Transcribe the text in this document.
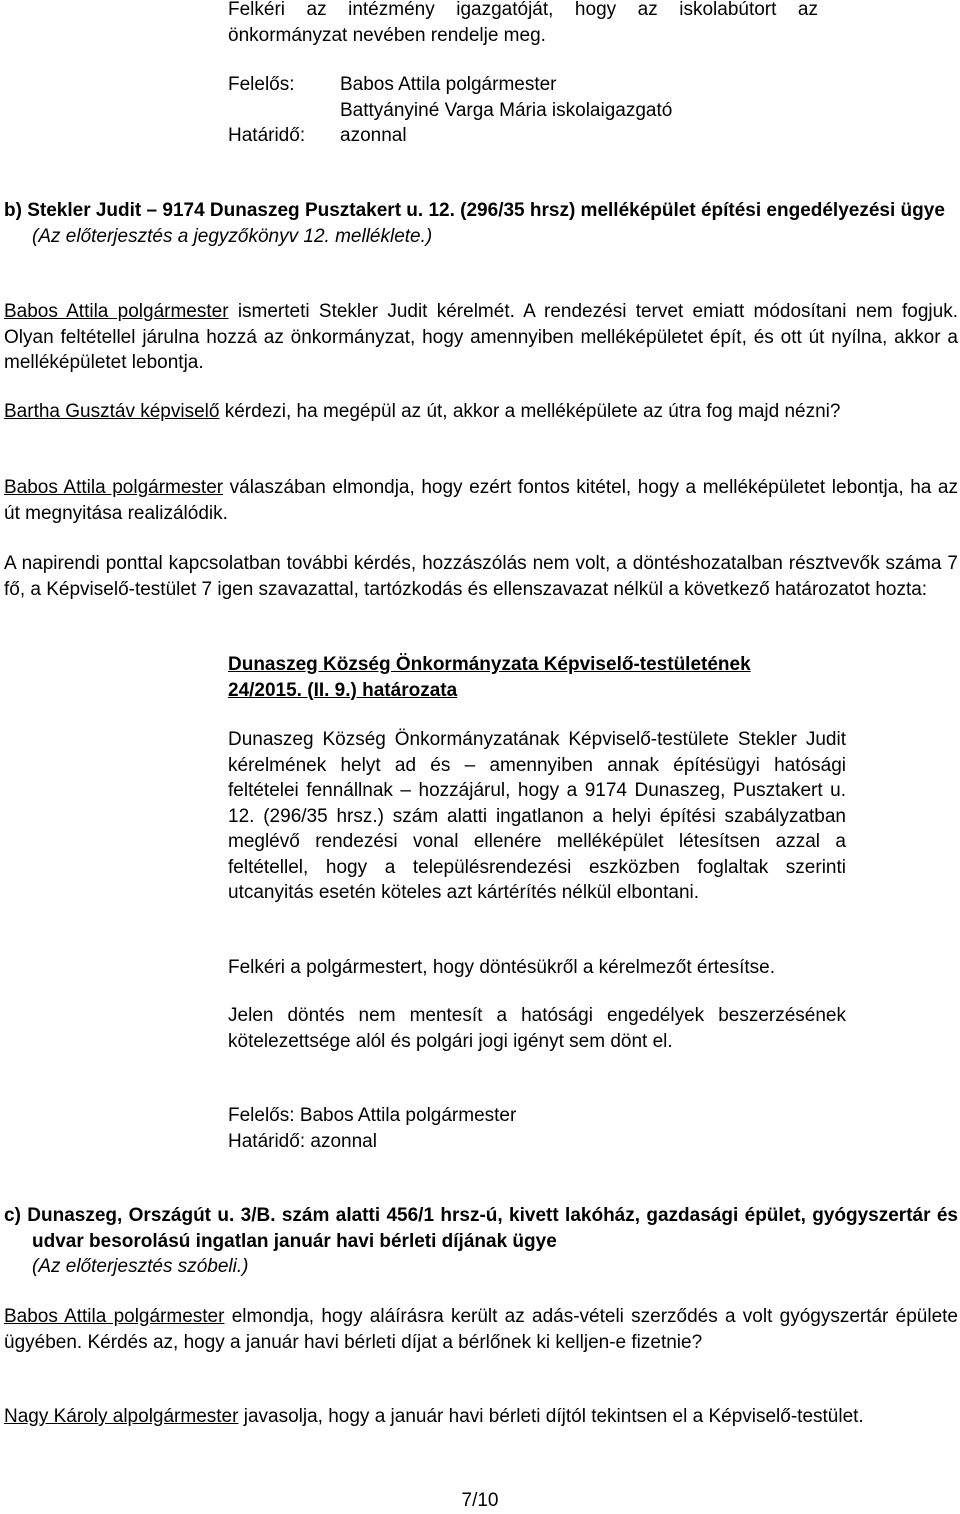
Felkéri az intézmény igazgatóját, hogy az iskolabútort az önkormányzat nevében rendelje meg.

Felelős: Babos Attila polgármester
Battyányiné Varga Mária iskolaigazgató
Határidő: azonnal
b) Stekler Judit – 9174 Dunaszeg Pusztakert u. 12. (296/35 hrsz) melléképület építési engedélyezési ügye
(Az előterjesztés a jegyzőkönyv 12. melléklete.)

Babos Attila polgármester ismerteti Stekler Judit kérelmét. A rendezési tervet emiatt módosítani nem fogjuk. Olyan feltétellel járulna hozzá az önkormányzat, hogy amennyiben melléképületet épít, és ott út nyílna, akkor a melléképületet lebontja.

Bartha Gusztáv képviselő kérdezi, ha megépül az út, akkor a melléképülete az útra fog majd nézni?

Babos Attila polgármester válaszában elmondja, hogy ezért fontos kitétel, hogy a melléképületet lebontja, ha az út megnyitása realizálódik.

A napirendi ponttal kapcsolatban további kérdés, hozzászólás nem volt, a döntéshozatalban résztvevők száma 7 fő, a Képviselő-testület 7 igen szavazattal, tartózkodás és ellenszavazat nélkül a következő határozatot hozta:

Dunaszeg Község Önkormányzata Képviselő-testületének
24/2015. (II. 9.) határozata

Dunaszeg Község Önkormányzatának Képviselő-testülete Stekler Judit kérelmének helyt ad és – amennyiben annak építésügyi hatósági feltételei fennállnak – hozzájárul, hogy a 9174 Dunaszeg, Pusztakert u. 12. (296/35 hrsz.) szám alatti ingatlanon a helyi építési szabályzatban meglévő rendezési vonal ellenére melléképület létesítsen azzal a feltétellel, hogy a településrendezési eszközben foglaltak szerinti utcanyitás esetén köteles azt kártérítés nélkül elbontani.

Felkéri a polgármestert, hogy döntésükről a kérelmezőt értesítse.

Jelen döntés nem mentesít a hatósági engedélyek beszerzésének kötelezettsége alól és polgári jogi igényt sem dönt el.

Felelős: Babos Attila polgármester
Határidő: azonnal
c) Dunaszeg, Országút u. 3/B. szám alatti 456/1 hrsz-ú, kivett lakóház, gazdasági épület, gyógyszertár és udvar besorolású ingatlan január havi bérleti díjának ügye
(Az előterjesztés szóbeli.)

Babos Attila polgármester elmondja, hogy aláírásra került az adás-vételi szerződés a volt gyógyszertár épülete ügyében. Kérdés az, hogy a január havi bérleti díjat a bérlőnek ki kelljen-e fizetnie?

Nagy Károly alpolgármester javasolja, hogy a január havi bérleti díjtól tekintsen el a Képviselő-testület.

7/10
